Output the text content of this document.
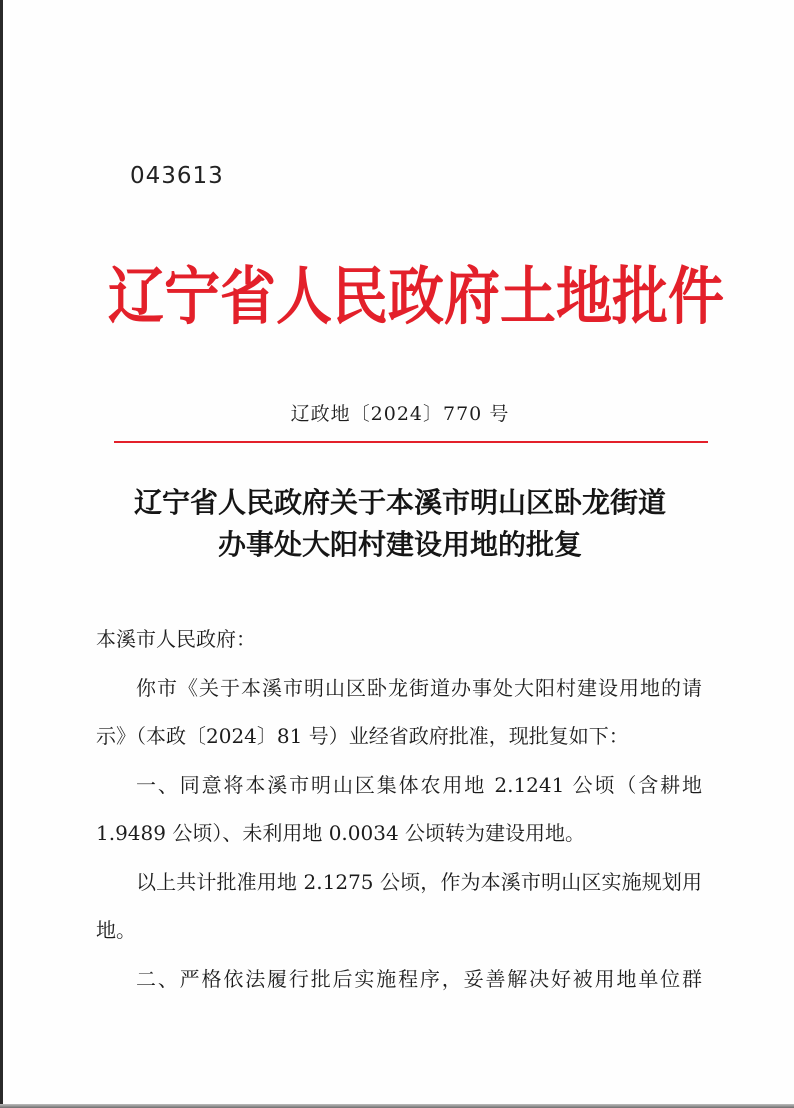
043613
辽宁省人民政府土地批件
辽政地〔2024〕770 号
辽宁省人民政府关于本溪市明山区卧龙街道
办事处大阳村建设用地的批复

本溪市人民政府：

你市《关于本溪市明山区卧龙街道办事处大阳村建设用地的请示》（本政〔2024〕81 号）业经省政府批准，现批复如下：

一、同意将本溪市明山区集体农用地 2.1241 公顷（含耕地 1.9489 公顷）、未利用地 0.0034 公顷转为建设用地。

以上共计批准用地 2.1275 公顷，作为本溪市明山区实施规划用地。

二、严格依法履行批后实施程序，妥善解决好被用地单位群
